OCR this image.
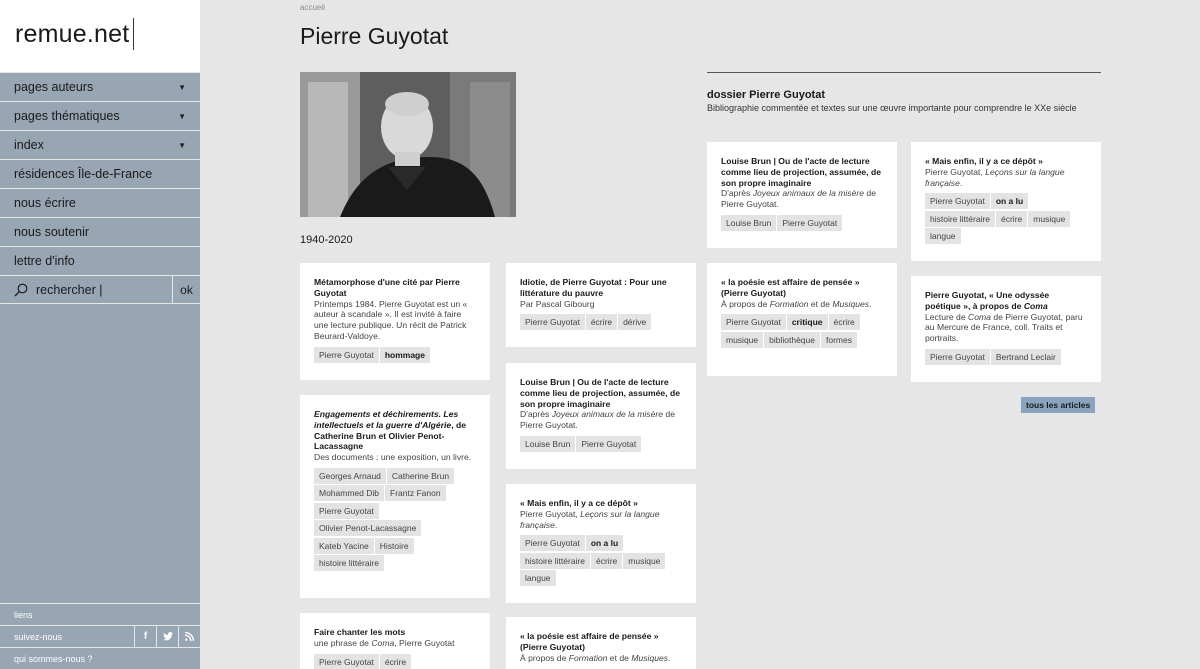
remue.net
pages auteurs	▼
pages thématiques	▼
index	▼
résidences Île-de-France
nous écrire
nous soutenir
lettre d'info
rechercher |	ok
liens
suivez-nous	f
qui sommes-nous ?
accueil
Pierre Guyotat
1940-2020
Métamorphose d'une cité par Pierre Guyotat
Printemps 1984. Pierre Guyotat est un « auteur à scandale ». Il est invité à faire une lecture publique. Un récit de Patrick Beurard-Valdoye.
Pierre Guyotat	hommage
Engagements et déchirements. Les intellectuels et la guerre d'Algérie, de Catherine Brun et Olivier Penot-Lacassagne
Des documents : une exposition, un livre.
Georges Arnaud	Catherine Brun
Mohammed Dib	Frantz Fanon
Pierre Guyotat
Olivier Penot-Lacassagne
Kateb Yacine	Histoire
histoire littéraire
Faire chanter les mots
une phrase de Coma, Pierre Guyotat
Pierre Guyotat	écrire
Idiotie, de Pierre Guyotat : Pour une littérature du pauvre
Par Pascal Gibourg
Pierre Guyotat	écrire	dérive
Louise Brun | Ou de l'acte de lecture comme lieu de projection, assumée, de son propre imaginaire
D'après Joyeux animaux de la misère de Pierre Guyotat.
Louise Brun	Pierre Guyotat
« Mais enfin, il y a ce dépôt »
Pierre Guyotat, Leçons sur la langue française.
Pierre Guyotat	on a lu
histoire littéraire	écrire	musique
langue
« la poésie est affaire de pensée » (Pierre Guyotat)
À propos de Formation et de Musiques.
dossier Pierre Guyotat
Bibliographie commentée et textes sur une œuvre importante pour comprendre le XXe siècle
Louise Brun | Ou de l'acte de lecture comme lieu de projection, assumée, de son propre imaginaire
D'après Joyeux animaux de la misère de Pierre Guyotat.
Louise Brun	Pierre Guyotat
« la poésie est affaire de pensée » (Pierre Guyotat)
À propos de Formation et de Musiques.
Pierre Guyotat	critique	écrire
musique	bibliothèque	formes
« Mais enfin, il y a ce dépôt »
Pierre Guyotat, Leçons sur la langue française.
Pierre Guyotat	on a lu
histoire littéraire	écrire	musique
langue
Pierre Guyotat, « Une odyssée poétique », à propos de Coma
Lecture de Coma de Pierre Guyotat, paru au Mercure de France, coll. Traits et portraits.
Pierre Guyotat	Bertrand Leclair
tous les articles
